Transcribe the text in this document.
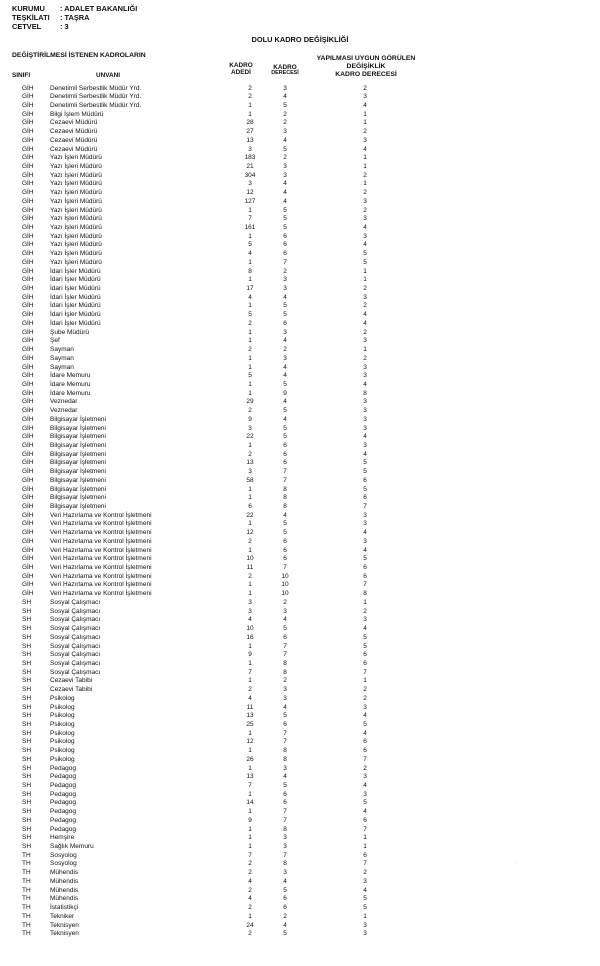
KURUMU : ADALET BAKANLIĞI
TEŞKİLATI : TAŞRA
CETVEL	: 3
DOLU KADRO DEĞİŞİKLİĞİ
DEĞİŞTİRİLMESİ İSTENEN KADROLARIN	YAPILMASI UYGUN GÖRÜLEN
DEĞİŞİKLİK
KADRO DERECESİ
KADRO
ADEDİ
KADRO
DERECESİ
SINIFI	UNVANI
GİH	Denetimli Serbestlik Müdür Yrd.	2	3	2
GİH	Denetimli Serbestlik Müdür Yrd.	2	4	3
GİH	Denetimli Serbestlik Müdür Yrd.	1	5	4
GİH	Bilgi İşlem Müdürü	1	2	1
GİH	Cezaevi Müdürü	28	2	1
GİH	Cezaevi Müdürü	27	3	2
GİH	Cezaevi Müdürü	13	4	3
GİH	Cezaevi Müdürü	3	5	4
GİH	Yazı İşleri Müdürü	183	2	1
GİH	Yazı İşleri Müdürü	21	3	1
GİH	Yazı İşleri Müdürü	304	3	2
GİH	Yazı İşleri Müdürü	3	4	1
GİH	Yazı İşleri Müdürü	12	4	2
GİH	Yazı İşleri Müdürü	127	4	3
GİH	Yazı İşleri Müdürü	1	5	2
GİH	Yazı İşleri Müdürü	7	5	3
GİH	Yazı İşleri Müdürü	161	5	4
GİH	Yazı İşleri Müdürü	1	6	3
GİH	Yazı İşleri Müdürü	5	6	4
GİH	Yazı İşleri Müdürü	4	6	5
GİH	Yazı İşleri Müdürü	1	7	5
GİH	İdari İşler Müdürü	8	2	1
GİH	İdari İşler Müdürü	1	3	1
GİH	İdari İşler Müdürü	17	3	2
GİH	İdari İşler Müdürü	4	4	3
GİH	İdari İşler Müdürü	1	5	2
GİH	İdari İşler Müdürü	5	5	4
GİH	İdari İşler Müdürü	2	6	4
GİH	Şube Müdürü	1	3	2
GİH	Şef	1	4	3
GİH	Sayman	2	2	1
GİH	Sayman	1	3	2
GİH	Sayman	1	4	3
GİH	İdare Memuru	5	4	3
GİH	İdare Memuru	1	5	4
GİH	İdare Memuru	1	9	8
GİH	Veznedar	29	4	3
GİH	Veznedar	2	5	3
GİH	Bilgisayar İşletmeni	9	4	3
GİH	Bilgisayar İşletmeni	3	5	3
GİH	Bilgisayar İşletmeni	22	5	4
GİH	Bilgisayar İşletmeni	1	6	3
GİH	Bilgisayar İşletmeni	2	6	4
GİH	Bilgisayar İşletmeni	13	6	5
GİH	Bilgisayar İşletmeni	3	7	5
GİH	Bilgisayar İşletmeni	58	7	6
GİH	Bilgisayar İşletmeni	1	8	5
GİH	Bilgisayar İşletmeni	1	8	6
GİH	Bilgisayar İşletmeni	6	8	7
GİH	Veri Hazırlama ve Kontrol İşletmeni	22	4	3
GİH	Veri Hazırlama ve Kontrol İşletmeni	1	5	3
GİH	Veri Hazırlama ve Kontrol İşletmeni	12	5	4
GİH	Veri Hazırlama ve Kontrol İşletmeni	2	6	3
GİH	Veri Hazırlama ve Kontrol İşletmeni	1	6	4
GİH	Veri Hazırlama ve Kontrol İşletmeni	10	6	5
GİH	Veri Hazırlama ve Kontrol İşletmeni	11	7	6
GİH	Veri Hazırlama ve Kontrol İşletmeni	2	10	6
GİH	Veri Hazırlama ve Kontrol İşletmeni	1	10	7
GİH	Veri Hazırlama ve Kontrol İşletmeni	1	10	8
SH	Sosyal Çalışmacı	3	2	1
SH	Sosyal Çalışmacı	3	3	2
SH	Sosyal Çalışmacı	4	4	3
SH	Sosyal Çalışmacı	10	5	4
SH	Sosyal Çalışmacı	16	6	5
SH	Sosyal Çalışmacı	1	7	5
SH	Sosyal Çalışmacı	9	7	6
SH	Sosyal Çalışmacı	1	8	6
SH	Sosyal Çalışmacı	7	8	7
SH	Cezaevi Tabibi	1	2	1
SH	Cezaevi Tabibi	2	3	2
SH	Psikolog	4	3	2
SH	Psikolog	11	4	3
SH	Psikolog	13	5	4
SH	Psikolog	25	6	5
SH	Psikolog	1	7	4
SH	Psikolog	12	7	6
SH	Psikolog	1	8	6
SH	Psikolog	26	8	7
SH	Pedagog	1	3	2
SH	Pedagog	13	4	3
SH	Pedagog	7	5	4
SH	Pedagog	1	6	3
SH	Pedagog	14	6	5
SH	Pedagog	1	7	4
SH	Pedagog	9	7	6
SH	Pedagog	1	8	7
SH	Hemşire	1	3	1
SH	Sağlık Memuru	1	3	1
TH	Sosyolog	7	7	6
TH	Sosyolog	2	8	7
TH	Mühendis	2	3	2
TH	Mühendis	4	4	3
TH	Mühendis	2	5	4
TH	Mühendis	4	6	5
TH	İstatistikçi	2	6	5
TH	Tekniker	1	2	1
TH	Teknisyen	24	4	3
TH	Teknisyen	2	5	3
·
